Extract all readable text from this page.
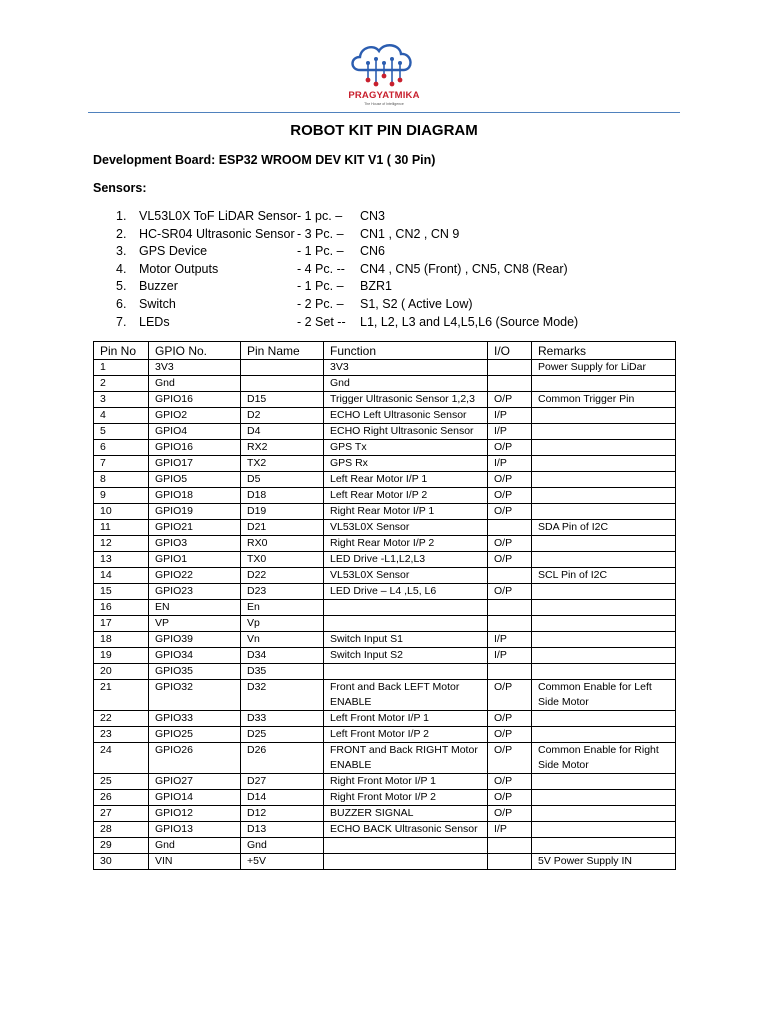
PRAGYATMIKA
The House of Intelligence
ROBOT KIT PIN DIAGRAM
Development Board: ESP32 WROOM DEV KIT V1 ( 30 Pin)
Sensors:
1. VL53L0X ToF LiDAR Sensor - 1 pc. – CN3
2. HC-SR04 Ultrasonic Sensor - 3 Pc. – CN1 , CN2 , CN 9
3. GPS Device	- 1 Pc. – CN6
4. Motor Outputs	- 4 Pc. -- CN4 , CN5 (Front) , CN5, CN8 (Rear)
5. Buzzer	- 1 Pc. – BZR1
6. Switch	- 2 Pc. – S1, S2 ( Active Low)
7. LEDs	- 2 Set -- L1, L2, L3 and L4,L5,L6 (Source Mode)
Pin No	GPIO No.	Pin Name	Function	I/O	Remarks
1	3V3		3V3		Power Supply for LiDar
2	Gnd		Gnd		
3	GPIO16	D15	Trigger Ultrasonic Sensor 1,2,3	O/P	Common Trigger Pin
4	GPIO2	D2	ECHO Left Ultrasonic Sensor	I/P	
5	GPIO4	D4	ECHO Right Ultrasonic Sensor	I/P	
6	GPIO16	RX2	GPS Tx	O/P	
7	GPIO17	TX2	GPS Rx	I/P	
8	GPIO5	D5	Left Rear Motor I/P 1	O/P	
9	GPIO18	D18	Left Rear Motor I/P 2	O/P	
10	GPIO19	D19	Right Rear Motor I/P 1	O/P	
11	GPIO21	D21	VL53L0X Sensor		SDA Pin of I2C
12	GPIO3	RX0	Right Rear Motor I/P 2	O/P	
13	GPIO1	TX0	LED Drive -L1,L2,L3	O/P	
14	GPIO22	D22	VL53L0X Sensor		SCL Pin of I2C
15	GPIO23	D23	LED Drive – L4 ,L5, L6	O/P	
16	EN	En			
17	VP	Vp			
18	GPIO39	Vn	Switch Input S1	I/P	
19	GPIO34	D34	Switch Input S2	I/P	
20	GPIO35	D35			
21	GPIO32	D32	Front and Back LEFT Motor ENABLE	O/P	Common Enable for Left Side Motor
22	GPIO33	D33	Left Front Motor I/P 1	O/P	
23	GPIO25	D25	Left Front Motor I/P 2	O/P	
24	GPIO26	D26	FRONT and Back RIGHT Motor ENABLE	O/P	Common Enable for Right Side Motor
25	GPIO27	D27	Right Front Motor I/P 1	O/P	
26	GPIO14	D14	Right Front Motor I/P 2	O/P	
27	GPIO12	D12	BUZZER SIGNAL	O/P	
28	GPIO13	D13	ECHO BACK Ultrasonic Sensor	I/P	
29	Gnd	Gnd			
30	VIN	+5V			5V Power Supply IN
